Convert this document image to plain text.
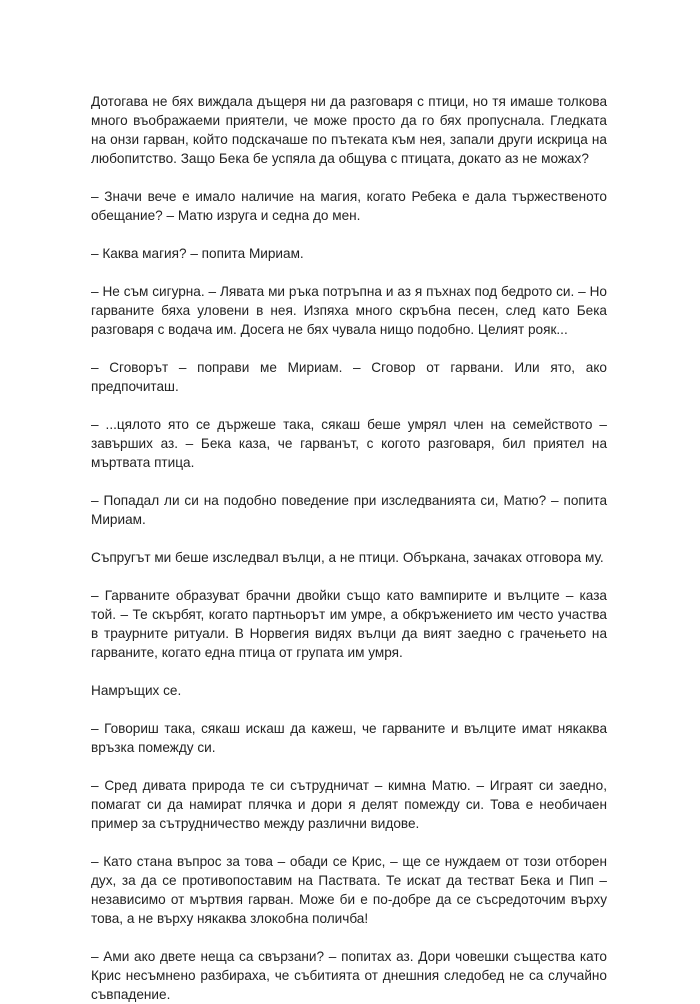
Дотогава не бях виждала дъщеря ни да разговаря с птици, но тя имаше толкова много въображаеми приятели, че може просто да го бях пропуснала. Гледката на онзи гарван, който подскачаше по пътеката към нея, запали други искрица на любопитство. Защо Бека бе успяла да общува с птицата, докато аз не можах?

– Значи вече е имало наличие на магия, когато Ребека е дала тържественото обещание? – Матю изруга и седна до мен.

– Каква магия? – попита Мириам.

– Не съм сигурна. – Лявата ми ръка потръпна и аз я пъхнах под бедрото си. – Но гарваните бяха уловени в нея. Изпяха много скръбна песен, след като Бека разговаря с водача им. Досега не бях чувала нищо подобно. Целият рояк...

– Сговорът – поправи ме Мириам. – Сговор от гарвани. Или ято, ако предпочиташ.

– ...цялото ято се държеше така, сякаш беше умрял член на семейството – завърших аз. – Бека каза, че гарванът, с когото разговаря, бил приятел на мъртвата птица.

– Попадал ли си на подобно поведение при изследванията си, Матю? – попита Мириам.

Съпругът ми беше изследвал вълци, а не птици. Объркана, зачаках отговора му.

– Гарваните образуват брачни двойки също като вампирите и вълците – каза той. – Те скърбят, когато партньорът им умре, а обкръжението им често участва в траурните ритуали. В Норвегия видях вълци да вият заедно с грачењето на гарваните, когато една птица от групата им умря.

Намръщих се.

– Говориш така, сякаш искаш да кажеш, че гарваните и вълците имат някаква връзка помежду си.

– Сред дивата природа те си сътрудничат – кимна Матю. – Играят си заедно, помагат си да намират плячка и дори я делят помежду си. Това е необичаен пример за сътрудничество между различни видове.

– Като стана въпрос за това – обади се Крис, – ще се нуждаем от този отборен дух, за да се противопоставим на Паствата. Те искат да тестват Бека и Пип – независимо от мъртвия гарван. Може би е по-добре да се съсредоточим върху това, а не върху някаква злокобна поличба!

– Ами ако двете неща са свързани? – попитах аз. Дори човешки същества като Крис несъмнено разбираха, че събитията от днешния следобед не са случайно съвпадение.
